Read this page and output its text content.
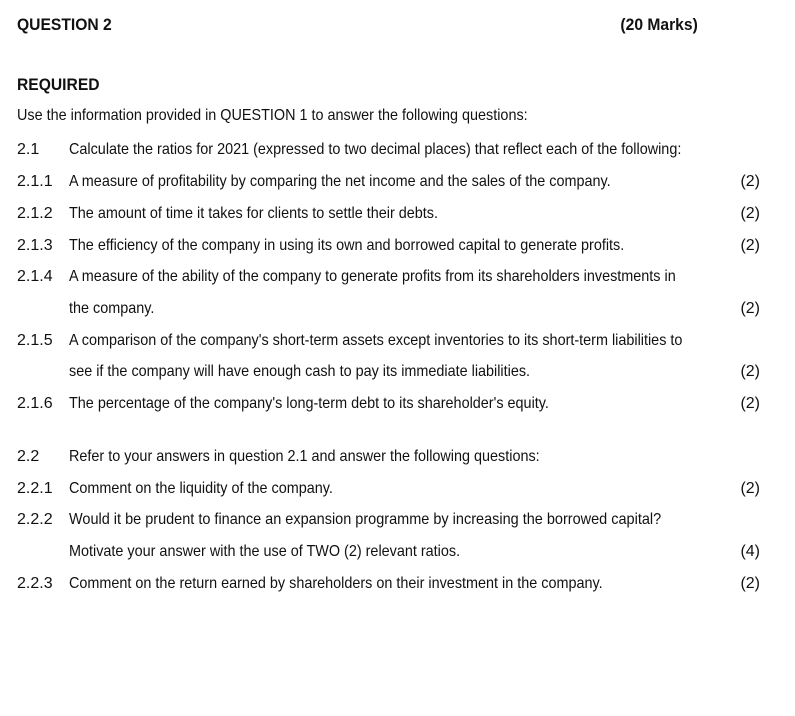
QUESTION 2	(20 Marks)
REQUIRED
Use the information provided in QUESTION 1 to answer the following questions:
2.1 Calculate the ratios for 2021 (expressed to two decimal places) that reflect each of the following:
2.1.1 A measure of profitability by comparing the net income and the sales of the company.	(2)
2.1.2 The amount of time it takes for clients to settle their debts.	(2)
2.1.3 The efficiency of the company in using its own and borrowed capital to generate profits.	(2)
2.1.4 A measure of the ability of the company to generate profits from its shareholders investments in
the company.	(2)
2.1.5 A comparison of the company's short-term assets except inventories to its short-term liabilities to
see if the company will have enough cash to pay its immediate liabilities.	(2)
2.1.6 The percentage of the company's long-term debt to its shareholder's equity.	(2)
2.2 Refer to your answers in question 2.1 and answer the following questions:
2.2.1 Comment on the liquidity of the company.	(2)
2.2.2 Would it be prudent to finance an expansion programme by increasing the borrowed capital?
Motivate your answer with the use of TWO (2) relevant ratios.	(4)
2.2.3 Comment on the return earned by shareholders on their investment in the company.	(2)
